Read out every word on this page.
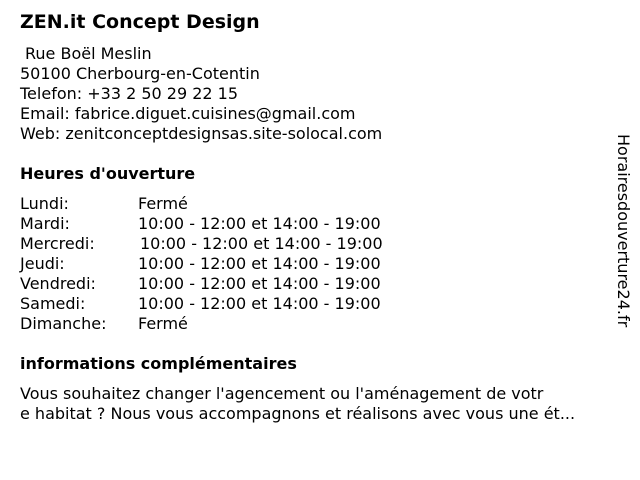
ZEN.it Concept Design
Rue Boël Meslin
50100 Cherbourg-en-Cotentin
Telefon: +33 2 50 29 22 15
Email: fabrice.diguet.cuisines@gmail.com
Web: zenitconceptdesignsas.site-solocal.com
Heures d'ouverture
Lundi:	Fermé
Mardi:	10:00 - 12:00 et 14:00 - 19:00
Mercredi:	10:00 - 12:00 et 14:00 - 19:00
Jeudi:	10:00 - 12:00 et 14:00 - 19:00
Vendredi:	10:00 - 12:00 et 14:00 - 19:00
Samedi:	10:00 - 12:00 et 14:00 - 19:00
Dimanche:	Fermé
informations complémentaires
Vous souhaitez changer l'agencement ou l'aménagement de votr
e habitat ? Nous vous accompagnons et réalisons avec vous une ét...
Horairesdouverture24.fr
